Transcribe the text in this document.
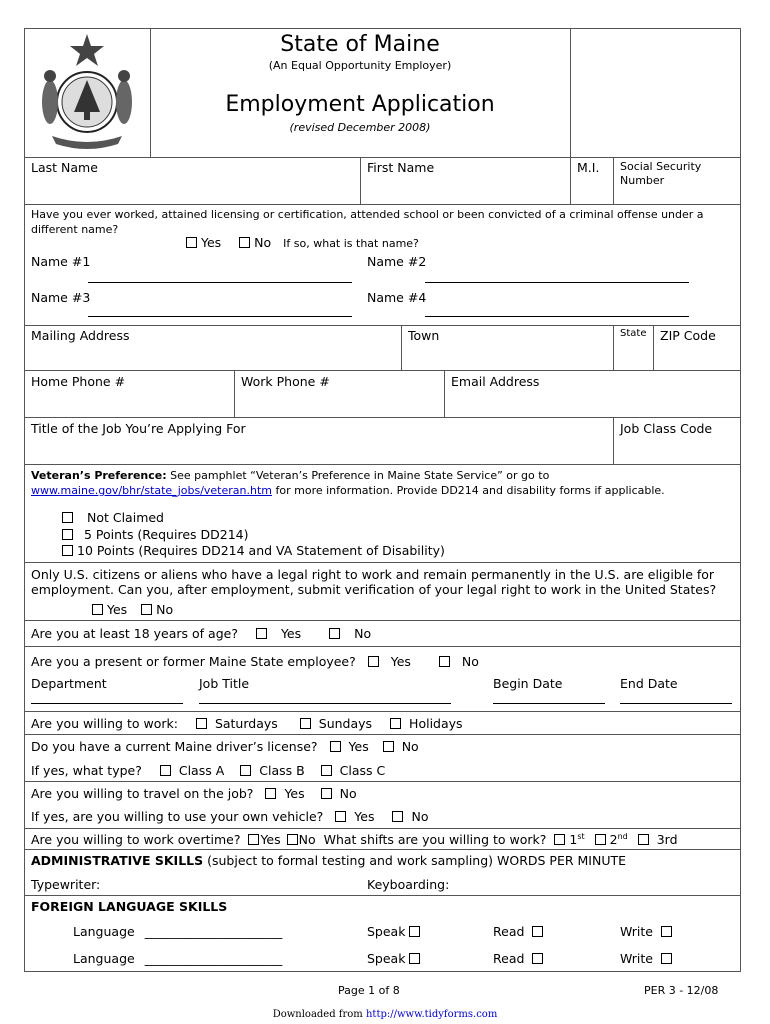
State of Maine
(An Equal Opportunity Employer)
Employment Application
(revised December 2008)
Last Name	First Name	M.I. Social Security
Number
Have you ever worked, attained licensing or certification, attended school or been convicted of a criminal offense under a different name?
Yes	No If so, what is that name?
Name #1	Name #2
Name #3	Name #4
Mailing Address	Town	State ZIP Code
Home Phone #	Work Phone #	Email Address
Title of the Job You’re Applying For	Job Class Code
Veteran’s Preference: See pamphlet “Veteran’s Preference in Maine State Service” or go to
www.maine.gov/bhr/state_jobs/veteran.htm for more information. Provide DD214 and disability forms if applicable.
Not Claimed
5 Points (Requires DD214)
10 Points (Requires DD214 and VA Statement of Disability)
Only U.S. citizens or aliens who have a legal right to work and remain permanently in the U.S. are eligible for
employment. Can you, after employment, submit verification of your legal right to work in the United States?
Yes No
Are you at least 18 years of age?	Yes	No
Are you a present or former Maine State employee?	Yes	No
Department	Job Title	Begin Date	End Date
Are you willing to work:	Saturdays	Sundays	Holidays
Do you have a current Maine driver’s license? Yes	No
If yes, what type?	Class A	Class B	Class C
Are you willing to travel on the job? Yes	No
If yes, are you willing to use your own vehicle? Yes	No
Are you willing to work overtime? Yes No What shifts are you willing to work? 1st 2nd 3rd
ADMINISTRATIVE SKILLS (subject to formal testing and work sampling) WORDS PER MINUTE
Typewriter:	Keyboarding:
FOREIGN LANGUAGE SKILLS
Language ______________________	Speak	Read	Write
Language ______________________	Speak	Read	Write
Page 1 of 8	PER 3 - 12/08
Downloaded from http://www.tidyforms.com
